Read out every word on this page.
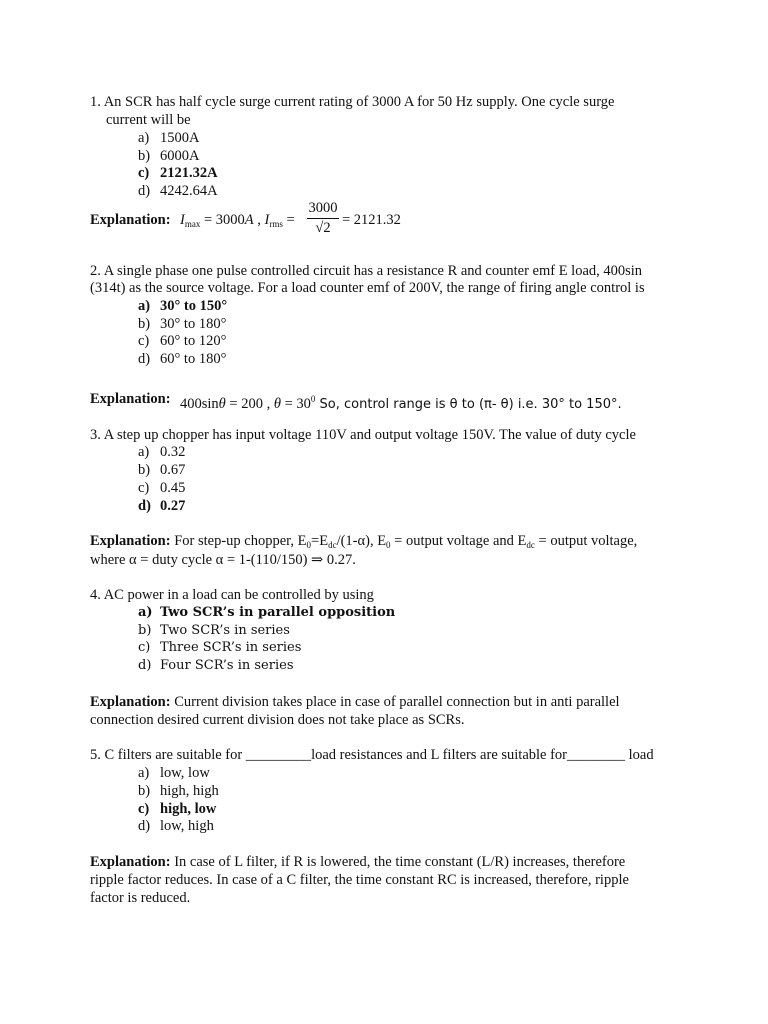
1. An SCR has half cycle surge current rating of 3000 A for 50 Hz supply. One cycle surge
current will be
a) 1500A
b) 6000A
c) 2121.32A
d) 4242.64A
Explanation: $I_{max} = 3000A$ , $I_{rms}$ =
3000
√2 = 2121.32
2. A single phase one pulse controlled circuit has a resistance R and counter emf E load, 400sin
(314t) as the source voltage. For a load counter emf of 200V, the range of firing angle control is
a) 30° to 150°
b) 30° to 180°
c) 60° to 120°
d) 60° to 180°
Explanation: 400sinθ = 200 , $\theta = 30^0$ So, control range is θ to (π- θ) i.e. 30° to 150°.
3. A step up chopper has input voltage 110V and output voltage 150V. The value of duty cycle
a) 0.32
b) 0.67
c) 0.45
d) 0.27
Explanation: For step-up chopper, $E_0=E_{dc}/(1-\alpha)$, $E_0$ = output voltage and $E_{dc}$ = output voltage,
where α = duty cycle α = 1-(110/150) ⇒ 0.27.
4. AC power in a load can be controlled by using
a) Two SCR’s in parallel opposition
b) Two SCR’s in series
c) Three SCR’s in series
d) Four SCR’s in series
Explanation: Current division takes place in case of parallel connection but in anti parallel
connection desired current division does not take place as SCRs.
5. C filters are suitable for _________load resistances and L filters are suitable for________ load
a) low, low
b) high, high
c) high, low
d) low, high
Explanation: In case of L filter, if R is lowered, the time constant (L/R) increases, therefore
ripple factor reduces. In case of a C filter, the time constant RC is increased, therefore, ripple
factor is reduced.
